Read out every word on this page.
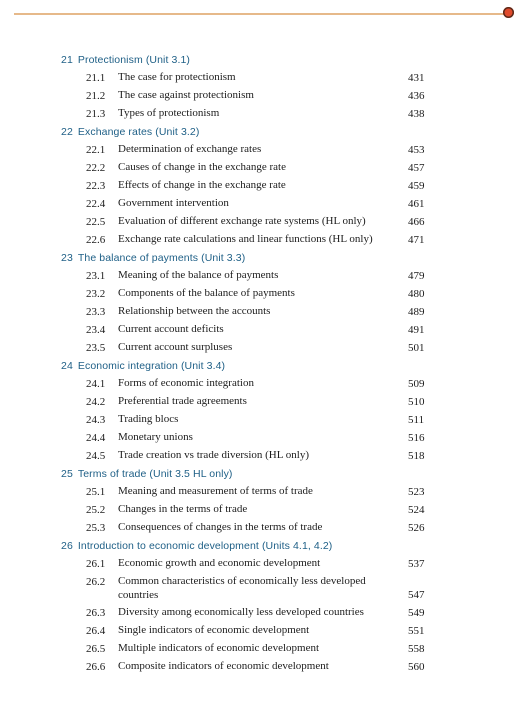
21 Protectionism (Unit 3.1)
21.1 The case for protectionism	431
21.2 The case against protectionism	436
21.3 Types of protectionism	438
22 Exchange rates (Unit 3.2)
22.1 Determination of exchange rates	453
22.2 Causes of change in the exchange rate	457
22.3 Effects of change in the exchange rate	459
22.4 Government intervention	461
22.5 Evaluation of different exchange rate systems (HL only)	466
22.6 Exchange rate calculations and linear functions (HL only)	471
23 The balance of payments (Unit 3.3)
23.1 Meaning of the balance of payments	479
23.2 Components of the balance of payments	480
23.3 Relationship between the accounts	489
23.4 Current account deficits	491
23.5 Current account surpluses	501
24 Economic integration (Unit 3.4)
24.1 Forms of economic integration	509
24.2 Preferential trade agreements	510
24.3 Trading blocs	511
24.4 Monetary unions	516
24.5 Trade creation vs trade diversion (HL only)	518
25 Terms of trade (Unit 3.5 HL only)
25.1 Meaning and measurement of terms of trade	523
25.2 Changes in the terms of trade	524
25.3 Consequences of changes in the terms of trade	526
26 Introduction to economic development (Units 4.1, 4.2)
26.1 Economic growth and economic development	537
26.2 Common characteristics of economically less developed countries	547
26.3 Diversity among economically less developed countries	549
26.4 Single indicators of economic development	551
26.5 Multiple indicators of economic development	558
26.6 Composite indicators of economic development	560
